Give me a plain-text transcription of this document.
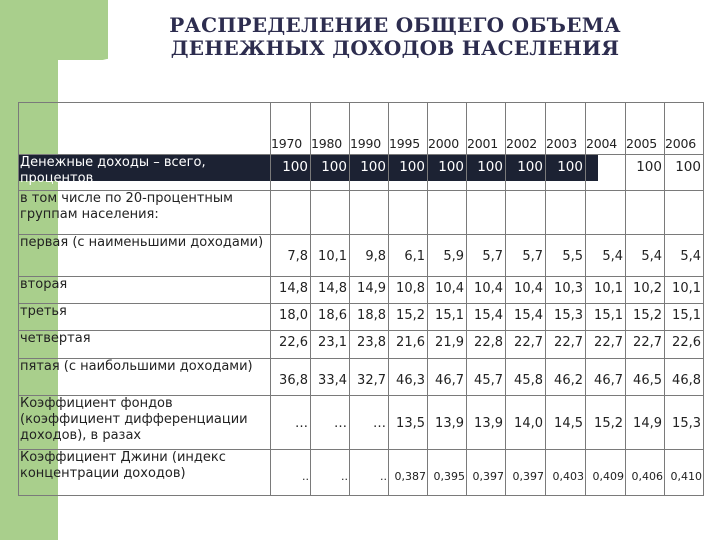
РАСПРЕДЕЛЕНИЕ ОБЩЕГО ОБЪЕМА
ДЕНЕЖНЫХ ДОХОДОВ НАСЕЛЕНИЯ
	1970	1980	1990	1995	2000	2001	2002	2003	2004	2005	2006
Денежные доходы – всего, процентов	100	100	100	100	100	100	100	100	100	100	100
в том числе по 20-процентным группам населения:											
первая (с наименьшими доходами)	7,8	10,1	9,8	6,1	5,9	5,7	5,7	5,5	5,4	5,4	5,4
вторая	14,8	14,8	14,9	10,8	10,4	10,4	10,4	10,3	10,1	10,2	10,1
третья	18,0	18,6	18,8	15,2	15,1	15,4	15,4	15,3	15,1	15,2	15,1
четвертая	22,6	23,1	23,8	21,6	21,9	22,8	22,7	22,7	22,7	22,7	22,6
пятая (с наибольшими доходами)	36,8	33,4	32,7	46,3	46,7	45,7	45,8	46,2	46,7	46,5	46,8
Коэффициент фондов (коэффициент дифференциации доходов), в разах	…	…	…	13,5	13,9	13,9	14,0	14,5	15,2	14,9	15,3
Коэффициент Джини (индекс концентрации доходов)	..	..	..	0,387	0,395	0,397	0,397	0,403	0,409	0,406	0,410
